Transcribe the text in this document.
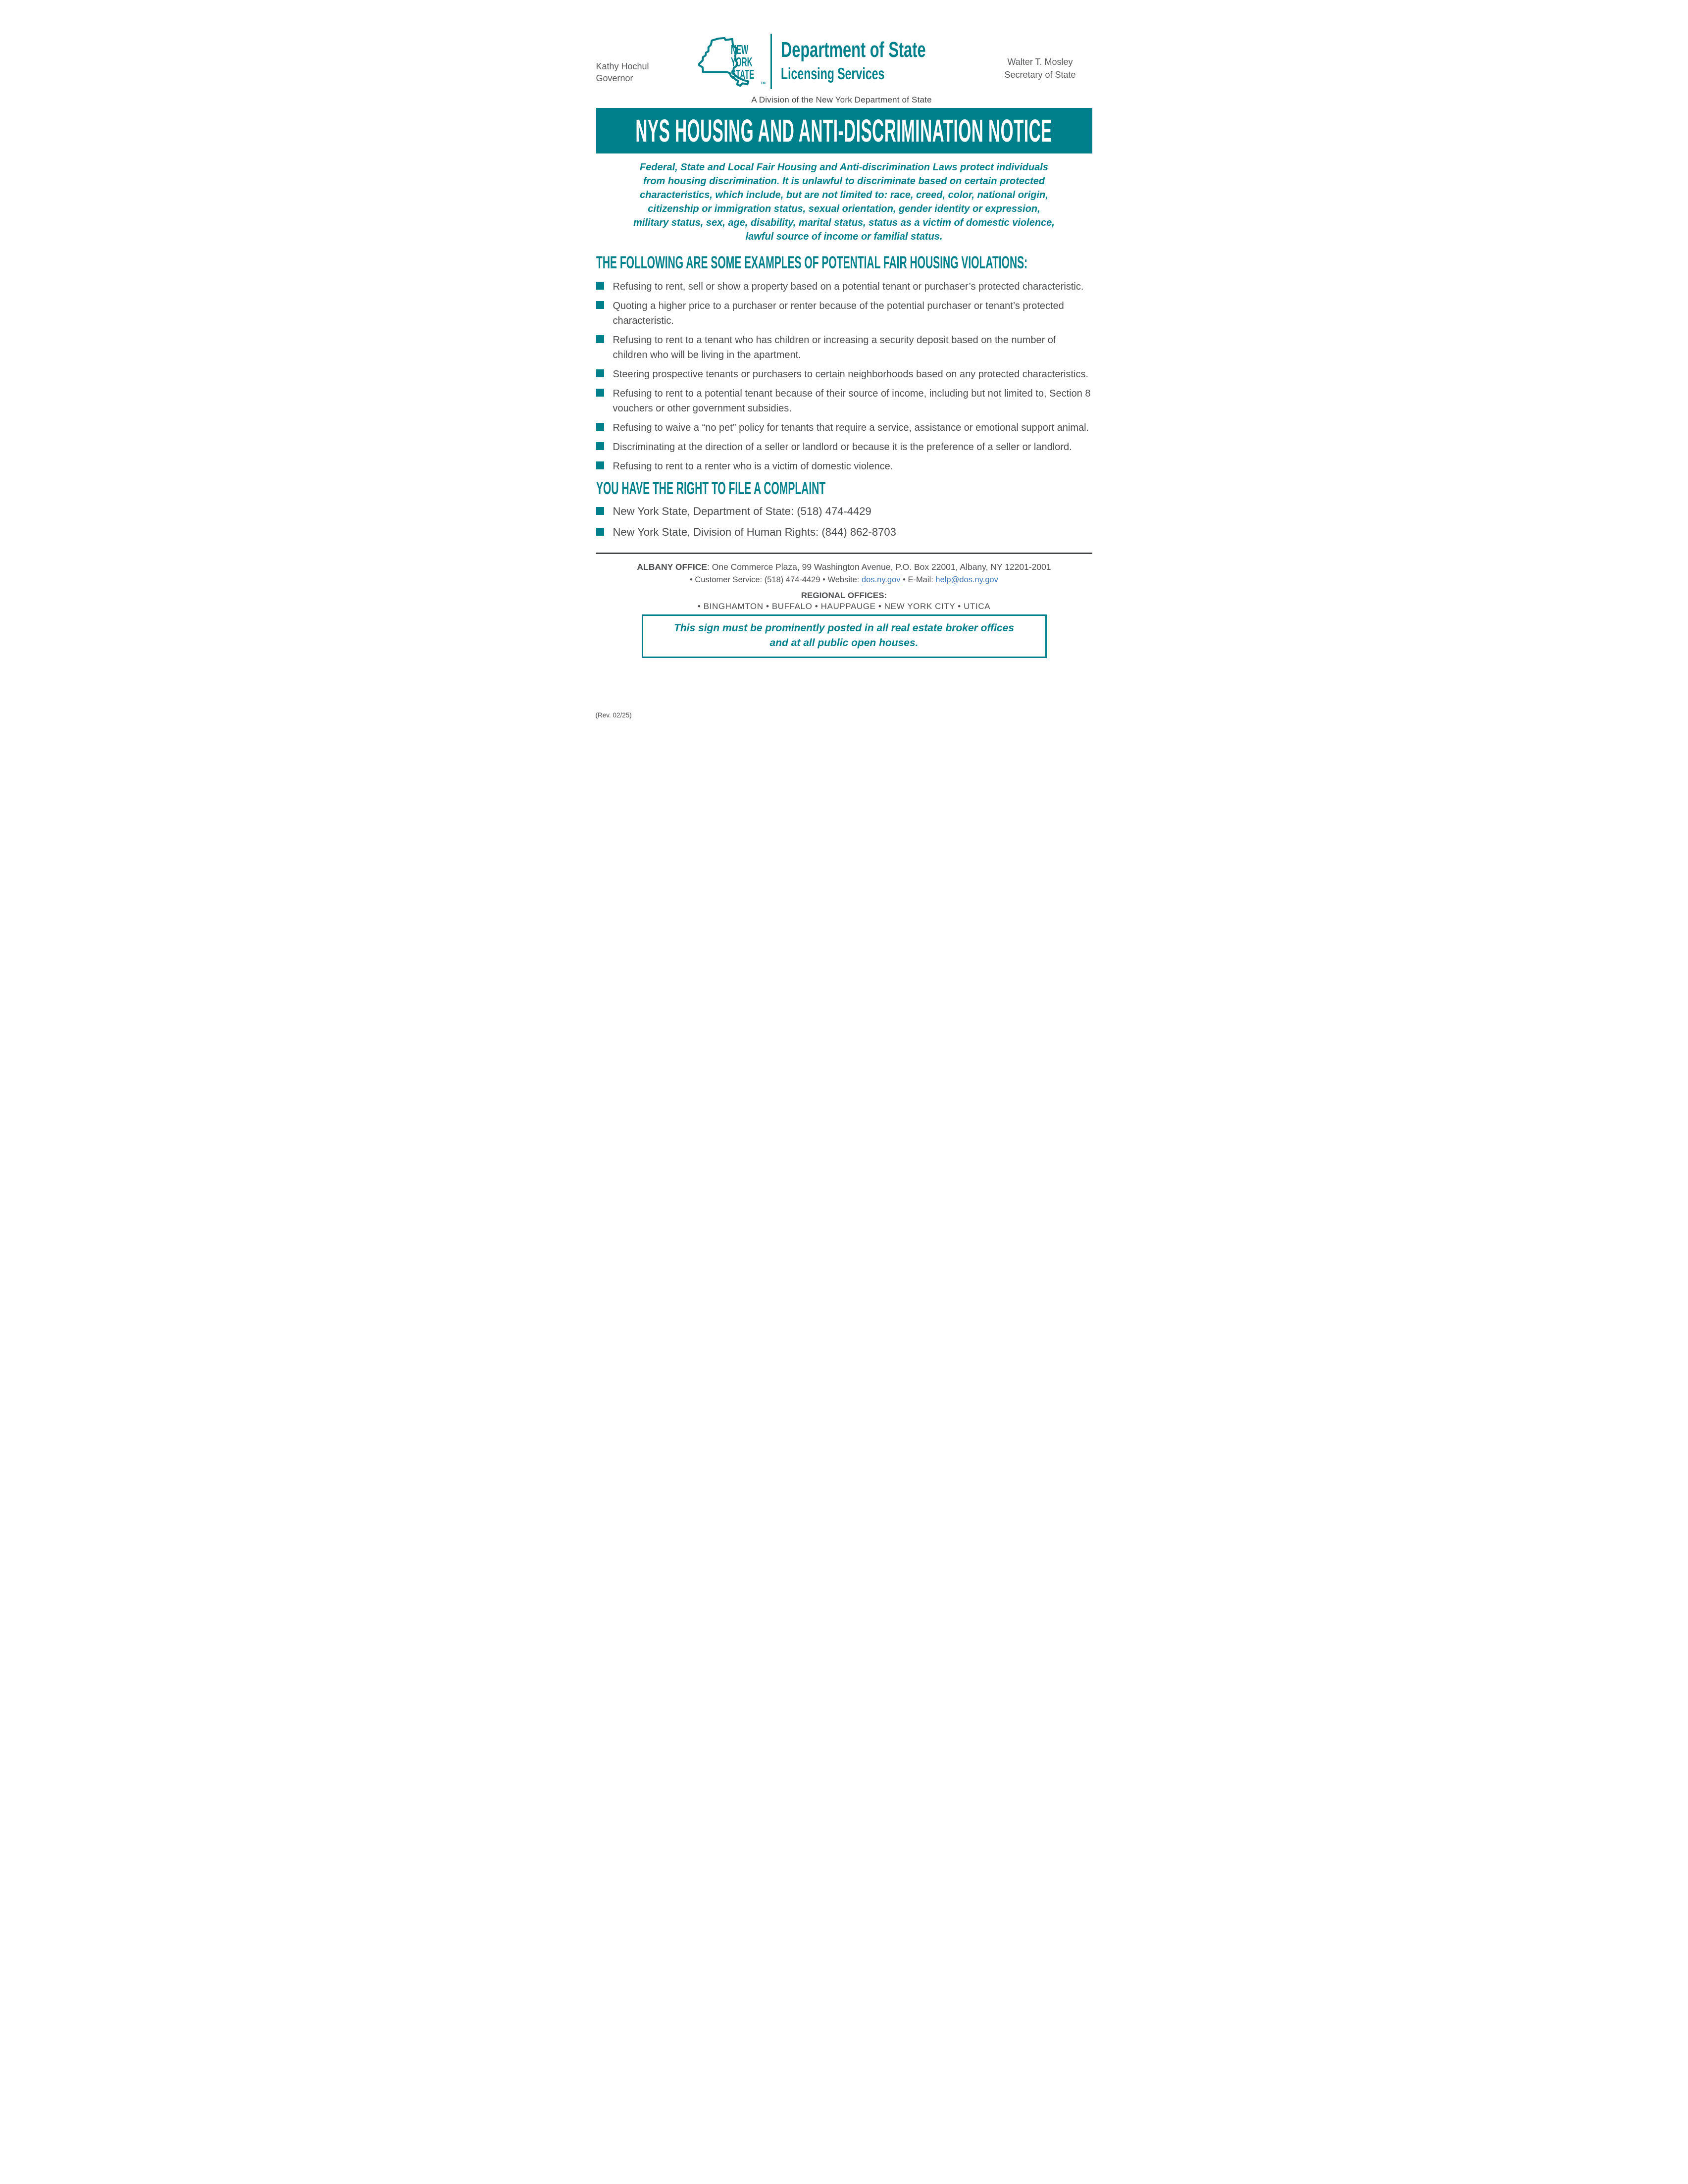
Kathy Hochul
Governor
NEW
YORK
STATE
TM
Department of State
Licensing Services
A Division of the New York Department of State
Walter T. Mosley
Secretary of State
NYS HOUSING AND ANTI-DISCRIMINATION NOTICE
Federal, State and Local Fair Housing and Anti-discrimination Laws protect individuals
from housing discrimination. It is unlawful to discriminate based on certain protected
characteristics, which include, but are not limited to: race, creed, color, national origin,
citizenship or immigration status, sexual orientation, gender identity or expression,
military status, sex, age, disability, marital status, status as a victim of domestic violence,
lawful source of income or familial status.
THE FOLLOWING ARE SOME EXAMPLES OF POTENTIAL FAIR HOUSING VIOLATIONS:
Refusing to rent, sell or show a property based on a potential tenant or purchaser’s protected characteristic.
Quoting a higher price to a purchaser or renter because of the potential purchaser or tenant’s protected characteristic.
Refusing to rent to a tenant who has children or increasing a security deposit based on the number of children who will be living in the apartment.
Steering prospective tenants or purchasers to certain neighborhoods based on any protected characteristics.
Refusing to rent to a potential tenant because of their source of income, including but not limited to, Section 8 vouchers or other government subsidies.
Refusing to waive a “no pet” policy for tenants that require a service, assistance or emotional support animal.
Discriminating at the direction of a seller or landlord or because it is the preference of a seller or landlord.
Refusing to rent to a renter who is a victim of domestic violence.
YOU HAVE THE RIGHT TO FILE A COMPLAINT
New York State, Department of State: (518) 474-4429
New York State, Division of Human Rights: (844) 862-8703
ALBANY OFFICE: One Commerce Plaza, 99 Washington Avenue, P.O. Box 22001, Albany, NY 12201-2001
• Customer Service: (518) 474-4429 • Website: dos.ny.gov • E-Mail: help@dos.ny.gov
REGIONAL OFFICES:
• BINGHAMTON • BUFFALO • HAUPPAUGE • NEW YORK CITY • UTICA
This sign must be prominently posted in all real estate broker offices
and at all public open houses.
(Rev. 02/25)
